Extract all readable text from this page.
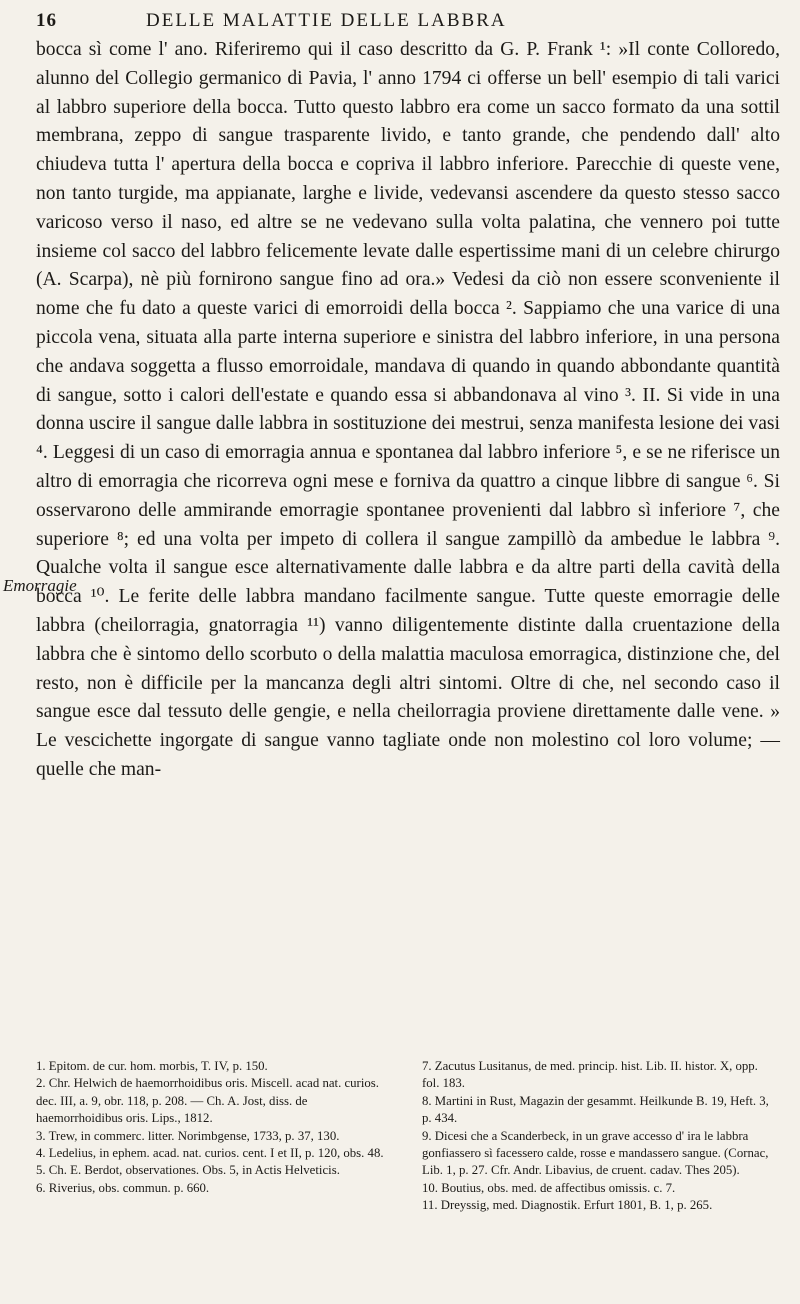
16	DELLE MALATTIE DELLE LABBRA
Emorragie

bocca sì come l' ano. Riferiremo qui il caso descritto da G. P. Frank ¹: »Il conte Colloredo, alunno del Collegio germanico di Pavia, l' anno 1794 ci offerse un bell' esempio di tali varici al labbro superiore della bocca. Tutto questo labbro era come un sacco formato da una sottil membrana, zeppo di sangue trasparente livido, e tanto grande, che pendendo dall' alto chiudeva tutta l' apertura della bocca e copriva il labbro inferiore. Parecchie di queste vene, non tanto turgide, ma appianate, larghe e livide, vedevansi ascendere da questo stesso sacco varicoso verso il naso, ed altre se ne vedevano sulla volta palatina, che vennero poi tutte insieme col sacco del labbro felicemente levate dalle espertissime mani di un celebre chirurgo (A. Scarpa), nè più fornirono sangue fino ad ora.» Vedesi da ciò non essere sconveniente il nome che fu dato a queste varici di emorroidi della bocca ². Sappiamo che una varice di una piccola vena, situata alla parte interna superiore e sinistra del labbro inferiore, in una persona che andava soggetta a flusso emorroidale, mandava di quando in quando abbondante quantità di sangue, sotto i calori dell'estate e quando essa si abbandonava al vino ³. II. Si vide in una donna uscire il sangue dalle labbra in sostituzione dei mestrui, senza manifesta lesione dei vasi ⁴. Leggesi di un caso di emorragia annua e spontanea dal labbro inferiore ⁵, e se ne riferisce un altro di emorragia che ricorreva ogni mese e forniva da quattro a cinque libbre di sangue ⁶. Si osservarono delle ammirande emorragie spontanee provenienti dal labbro sì inferiore ⁷, che superiore ⁸; ed una volta per impeto di collera il sangue zampillò da ambedue le labbra ⁹. Qualche volta il sangue esce alternativamente dalle labbra e da altre parti della cavità della bocca ¹⁰. Le ferite delle labbra mandano facilmente sangue. Tutte queste emorragie delle labbra (cheilorragia, gnatorragia ¹¹) vanno diligentemente distinte dalla cruentazione della labbra che è sintomo dello scorbuto o della malattia maculosa emorragica, distinzione che, del resto, non è difficile per la mancanza degli altri sintomi. Oltre di che, nel secondo caso il sangue esce dal tessuto delle gengie, e nella cheilorragia proviene direttamente dalle vene. » Le vescichette ingorgate di sangue vanno tagliate onde non molestino col loro volume; — quelle che man-

1. Epitom. de cur. hom. morbis, T. IV, p. 150.

2. Chr. Helwich de haemorrhoidibus oris. Miscell. acad nat. curios. dec. III, a. 9, obr. 118, p. 208. — Ch. A. Jost, diss. de haemorrhoidibus oris. Lips., 1812.

3. Trew, in commerc. litter. Norimbgense, 1733, p. 37, 130.

4. Ledelius, in ephem. acad. nat. curios. cent. I et II, p. 120, obs. 48.

5. Ch. E. Berdot, observationes. Obs. 5, in Actis Helveticis.

6. Riverius, obs. commun. p. 660.

7. Zacutus Lusitanus, de med. princip. hist. Lib. II. histor. X, opp. fol. 183.

8. Martini in Rust, Magazin der gesammt. Heilkunde B. 19, Heft. 3, p. 434.

9. Dicesi che a Scanderbeck, in un grave accesso d' ira le labbra gonfiassero sì facessero calde, rosse e mandassero sangue. (Cornac, Lib. 1, p. 27. Cfr. Andr. Libavius, de cruent. cadav. Thes 205).

10. Boutius, obs. med. de affectibus omissis. c. 7.

11. Dreyssig, med. Diagnostik. Erfurt 1801, B. 1, p. 265.
